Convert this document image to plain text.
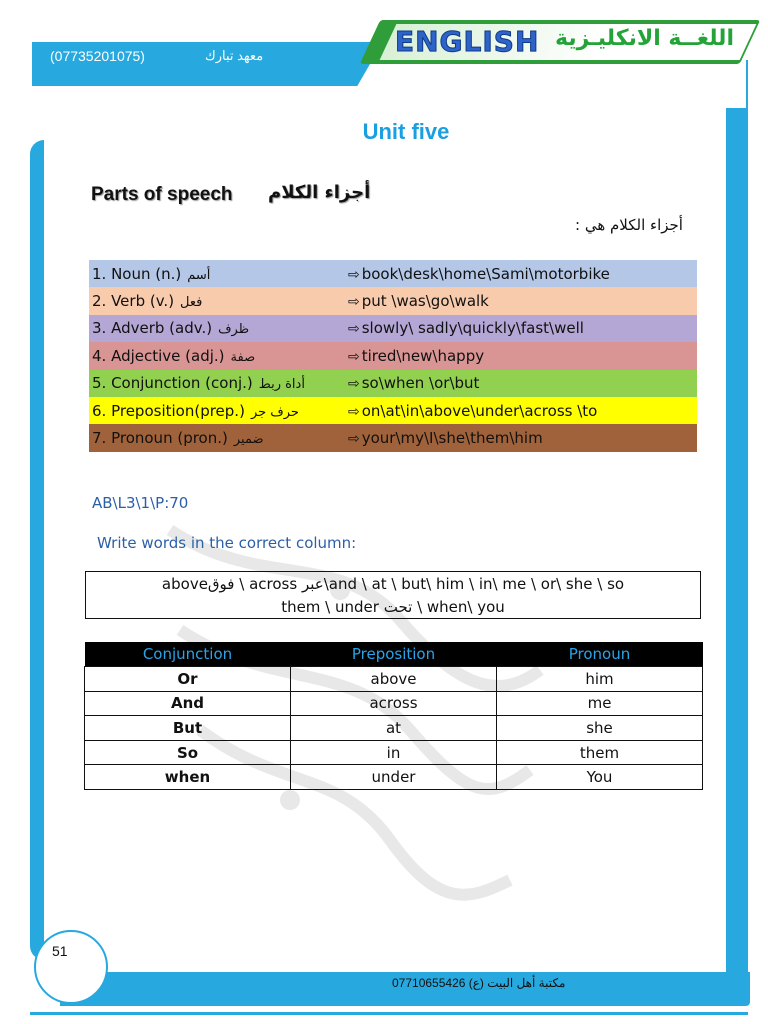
ENGLISH اللغــة الانكليـزية
(07735201075)	معهد تبارك
Unit five
Parts of speech أجزاء الكلام
أجزاء الكلام هي :
1. Noun (n.) أسم	⇨ book\desk\home\Sami\motorbike
2. Verb (v.) فعل	⇨ put \was\go\walk
3. Adverb (adv.) ظرف	⇨ slowly\ sadly\quickly\fast\well
4. Adjective (adj.) صفة	⇨ tired\new\happy
5. Conjunction (conj.) أداة ربط	⇨ so\when \or\but
6. Preposition(prep.) حرف جر	⇨ on\at\in\above\under\across \to
7. Pronoun (pron.) ضمير	⇨ your\my\I\she\them\him
AB\L3\1\P:70
Write words in the correct column:
aboveفوق \ across عبر\and \ at \ but\ him \ in\ me \ or\ she \ so
them \ under تحت \ when\ you
Conjunction	Preposition	Pronoun
Or	above	him
And	across	me
But	at	she
So	in	them
when	under	You
51
مكتبة أهل البيت (ع) 07710655426
